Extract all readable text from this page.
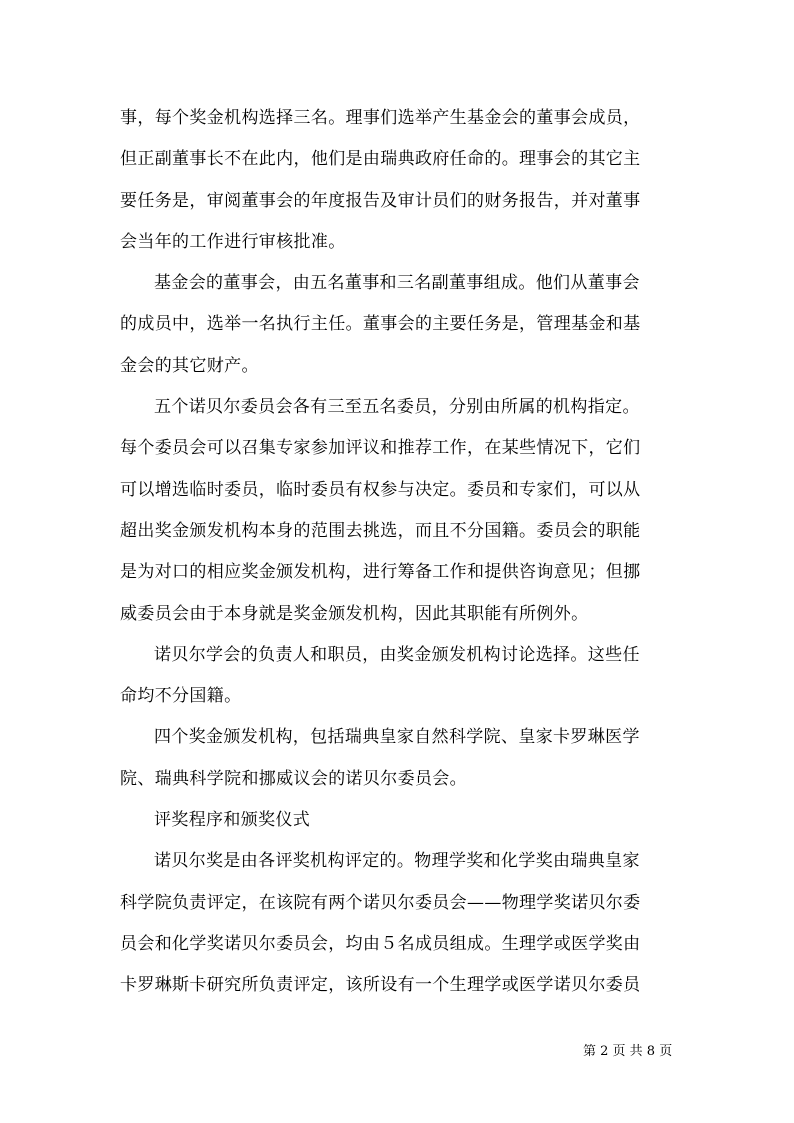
事，每个奖金机构选择三名。理事们选举产生基金会的董事会成员，
但正副董事长不在此内，他们是由瑞典政府任命的。理事会的其它主
要任务是，审阅董事会的年度报告及审计员们的财务报告，并对董事
会当年的工作进行审核批准。
基金会的董事会，由五名董事和三名副董事组成。他们从董事会
的成员中，选举一名执行主任。董事会的主要任务是，管理基金和基
金会的其它财产。
五个诺贝尔委员会各有三至五名委员，分别由所属的机构指定。
每个委员会可以召集专家参加评议和推荐工作，在某些情况下，它们
可以增选临时委员，临时委员有权参与决定。委员和专家们，可以从
超出奖金颁发机构本身的范围去挑选，而且不分国籍。委员会的职能
是为对口的相应奖金颁发机构，进行筹备工作和提供咨询意见；但挪
威委员会由于本身就是奖金颁发机构，因此其职能有所例外。
诺贝尔学会的负责人和职员，由奖金颁发机构讨论选择。这些任
命均不分国籍。
四个奖金颁发机构，包括瑞典皇家自然科学院、皇家卡罗琳医学
院、瑞典科学院和挪威议会的诺贝尔委员会。
评奖程序和颁奖仪式
诺贝尔奖是由各评奖机构评定的。物理学奖和化学奖由瑞典皇家
科学院负责评定，在该院有两个诺贝尔委员会——物理学奖诺贝尔委
员会和化学奖诺贝尔委员会，均由５名成员组成。生理学或医学奖由
卡罗琳斯卡研究所负责评定，该所设有一个生理学或医学诺贝尔委员
第 2 页 共 8 页
